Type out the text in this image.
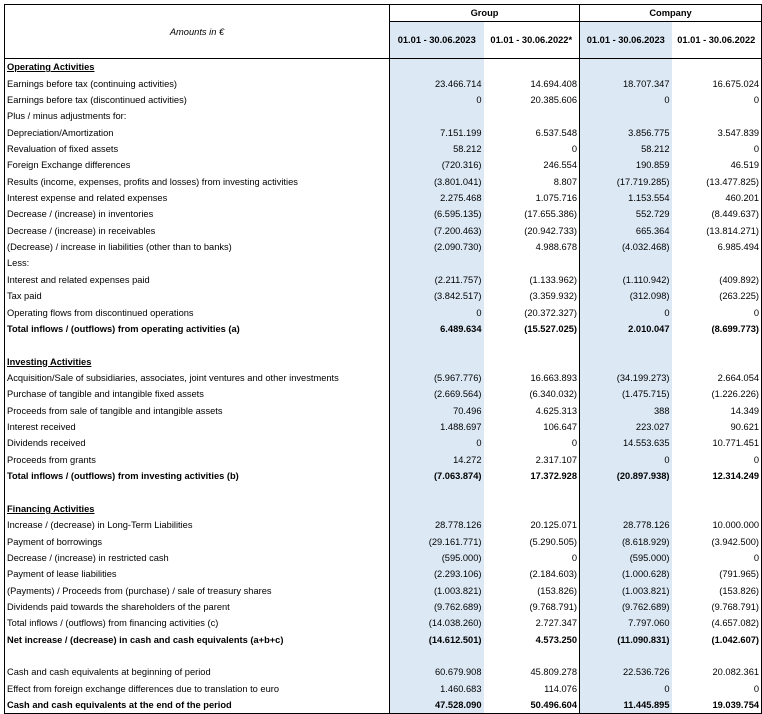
Amounts in €	Group		Company	
	01.01 - 30.06.2023	01.01 - 30.06.2022*	01.01 - 30.06.2023	01.01 - 30.06.2022
Operating Activities				
Earnings before tax (continuing activities)	23.466.714	14.694.408	18.707.347	16.675.024
Earnings before tax (discontinued activities)	0	20.385.606	0	0
Plus / minus adjustments for:				
Depreciation/Amortization	7.151.199	6.537.548	3.856.775	3.547.839
Revaluation of fixed assets	58.212	0	58.212	0
Foreign Exchange differences	(720.316)	246.554	190.859	46.519
Results (income, expenses, profits and losses) from investing activities	(3.801.041)	8.807	(17.719.285)	(13.477.825)
Interest expense and related expenses	2.275.468	1.075.716	1.153.554	460.201
Decrease / (increase) in inventories	(6.595.135)	(17.655.386)	552.729	(8.449.637)
Decrease / (increase) in receivables	(7.200.463)	(20.942.733)	665.364	(13.814.271)
(Decrease) / increase in liabilities (other than to banks)	(2.090.730)	4.988.678	(4.032.468)	6.985.494
Less:				
Interest and related expenses paid	(2.211.757)	(1.133.962)	(1.110.942)	(409.892)
Tax paid	(3.842.517)	(3.359.932)	(312.098)	(263.225)
Operating flows from discontinued operations	0	(20.372.327)	0	0
Total inflows / (outflows) from operating activities (a)	6.489.634	(15.527.025)	2.010.047	(8.699.773)

Investing Activities				
Acquisition/Sale of subsidiaries, associates, joint ventures and other investments	(5.967.776)	16.663.893	(34.199.273)	2.664.054
Purchase of tangible and intangible fixed assets	(2.669.564)	(6.340.032)	(1.475.715)	(1.226.226)
Proceeds from sale of tangible and intangible assets	70.496	4.625.313	388	14.349
Interest received	1.488.697	106.647	223.027	90.621
Dividends received	0	0	14.553.635	10.771.451
Proceeds from grants	14.272	2.317.107	0	0
Total inflows / (outflows) from investing activities (b)	(7.063.874)	17.372.928	(20.897.938)	12.314.249

Financing Activities				
Increase / (decrease) in Long-Term Liabilities	28.778.126	20.125.071	28.778.126	10.000.000
Payment of borrowings	(29.161.771)	(5.290.505)	(8.618.929)	(3.942.500)
Decrease / (increase) in restricted cash	(595.000)	0	(595.000)	0
Payment of lease liabilities	(2.293.106)	(2.184.603)	(1.000.628)	(791.965)
(Payments) / Proceeds from (purchase) / sale of treasury shares	(1.003.821)	(153.826)	(1.003.821)	(153.826)
Dividends paid towards the shareholders of the parent	(9.762.689)	(9.768.791)	(9.762.689)	(9.768.791)
Total inflows / (outflows) from financing activities (c)	(14.038.260)	2.727.347	7.797.060	(4.657.082)
Net increase / (decrease) in cash and cash equivalents (a+b+c)	(14.612.501)	4.573.250	(11.090.831)	(1.042.607)

Cash and cash equivalents at beginning of period	60.679.908	45.809.278	22.536.726	20.082.361
Effect from foreign exchange differences due to translation to euro	1.460.683	114.076	0	0
Cash and cash equivalents at the end of the period	47.528.090	50.496.604	11.445.895	19.039.754
